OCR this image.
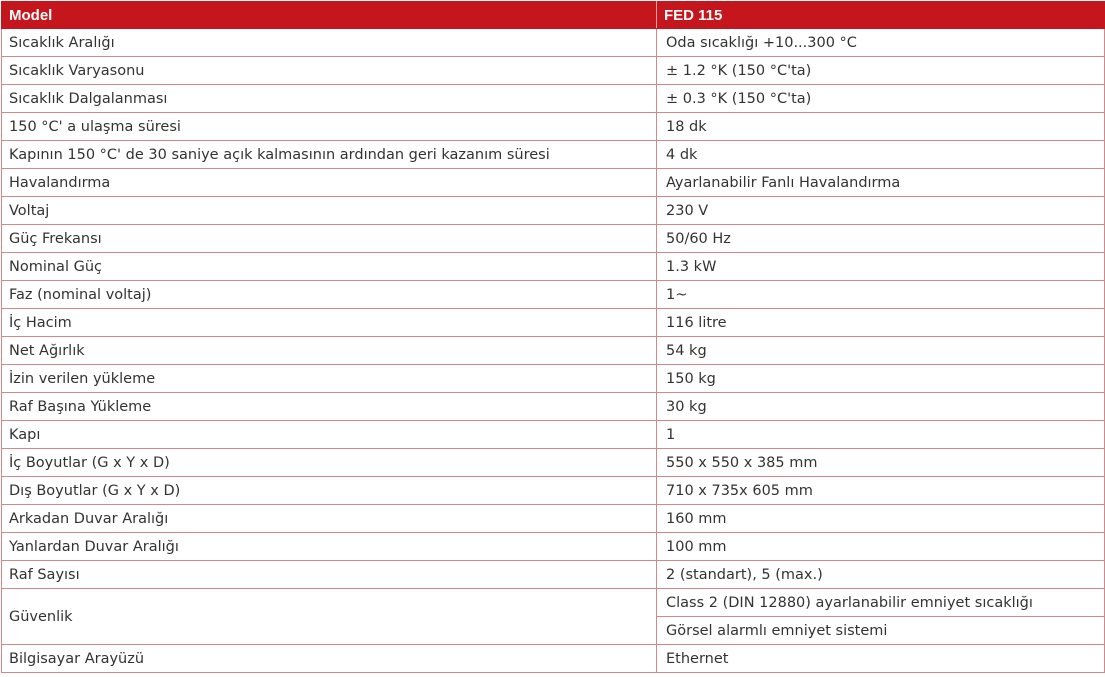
Model	FED 115
Sıcaklık Aralığı	Oda sıcaklığı +10...300 °C
Sıcaklık Varyasonu	± 1.2 °K (150 °C'ta)
Sıcaklık Dalgalanması	± 0.3 °K (150 °C'ta)
150 °C' a ulaşma süresi	18 dk
Kapının 150 °C' de 30 saniye açık kalmasının ardından geri kazanım süresi	4 dk
Havalandırma	Ayarlanabilir Fanlı Havalandırma
Voltaj	230 V
Güç Frekansı	50/60 Hz
Nominal Güç	1.3 kW
Faz (nominal voltaj)	1~
İç Hacim	116 litre
Net Ağırlık	54 kg
İzin verilen yükleme	150 kg
Raf Başına Yükleme	30 kg
Kapı	1
İç Boyutlar (G x Y x D)	550 x 550 x 385 mm
Dış Boyutlar (G x Y x D)	710 x 735x 605 mm
Arkadan Duvar Aralığı	160 mm
Yanlardan Duvar Aralığı	100 mm
Raf Sayısı	2 (standart), 5 (max.)
Güvenlik	Class 2 (DIN 12880) ayarlanabilir emniyet sıcaklığı
	Görsel alarmlı emniyet sistemi
Bilgisayar Arayüzü	Ethernet
